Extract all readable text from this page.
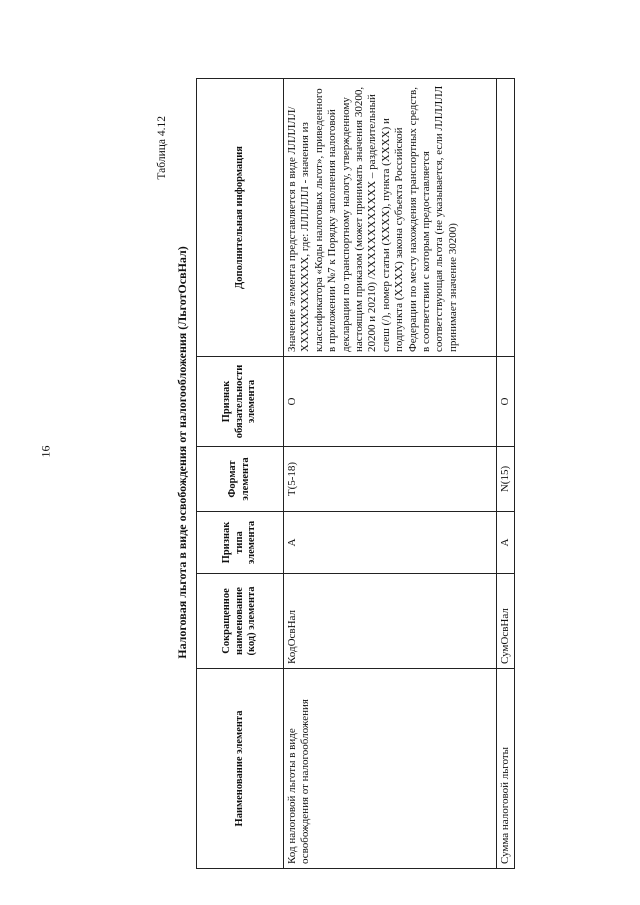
16
Таблица 4.12
Налоговая льгота в виде освобождения от налогообложения (ЛьготОсвНал)
Наименование элемента	Сокращенное наименование (код) элемента	Признак типа элемента	Формат элемента	Признак обязательности элемента	Дополнительная информация
Код налоговой льготы в виде освобождения от налогообложения	КодОсвНал	А	T(5-18)	О	Значение элемента представляется в виде ЛЛЛЛЛЛ/ХХХХХХХХХХХХ, где: ЛЛЛЛЛЛ - значения из классификатора «Коды налоговых льгот», приведенного в приложении №7 к Порядку заполнения налоговой декларации по транспортному налогу, утвержденному настоящим приказом (может принимать значения 30200, 20200 и 20210) /ХХХХХХХХХХХХ – разделительный слеш (/), номер статьи (ХХХХ), пункта (ХХХХ) и подпункта (ХХХХ) закона субъекта Российской Федерации по месту нахождения транспортных средств, в соответствии с которым предоставляется соответствующая льгота (не указывается, если ЛЛЛЛЛЛ принимает значение 30200)
Сумма налоговой льготы	СумОсвНал	А	N(15)	О	
